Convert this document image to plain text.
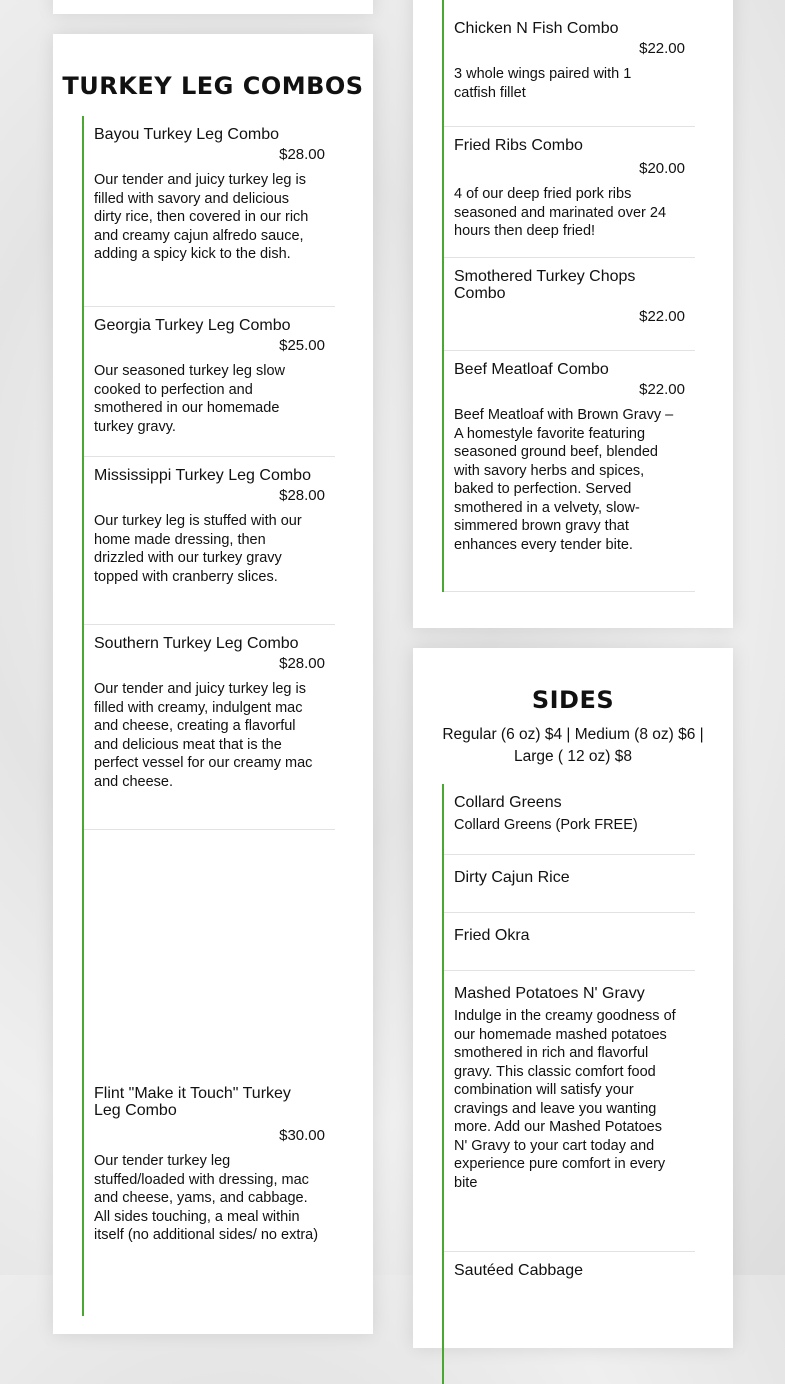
TURKEY LEG COMBOS
Bayou Turkey Leg Combo
$28.00
Our tender and juicy turkey leg is filled with savory and delicious dirty rice, then covered in our rich and creamy cajun alfredo sauce, adding a spicy kick to the dish.
Georgia Turkey Leg Combo
$25.00
Our seasoned turkey leg slow cooked to perfection and smothered in our homemade turkey gravy.
Mississippi Turkey Leg Combo
$28.00
Our turkey leg is stuffed with our home made dressing, then drizzled with our turkey gravy topped with cranberry slices.
Southern Turkey Leg Combo
$28.00
Our tender and juicy turkey leg is filled with creamy, indulgent mac and cheese, creating a flavorful and delicious meat that is the perfect vessel for our creamy mac and cheese.
Flint "Make it Touch" Turkey Leg Combo
$30.00
Our tender turkey leg stuffed/loaded with dressing, mac and cheese, yams, and cabbage. All sides touching, a meal within itself (no additional sides/ no extra)
Chicken N Fish Combo
$22.00
3 whole wings paired with 1 catfish fillet
Fried Ribs Combo
$20.00
4 of our deep fried pork ribs seasoned and marinated over 24 hours then deep fried!
Smothered Turkey Chops Combo
$22.00
Beef Meatloaf Combo
$22.00
Beef Meatloaf with Brown Gravy – A homestyle favorite featuring seasoned ground beef, blended with savory herbs and spices, baked to perfection. Served smothered in a velvety, slow-simmered brown gravy that enhances every tender bite.
SIDES
Regular (6 oz) $4 | Medium (8 oz) $6 | Large ( 12 oz) $8
Collard Greens
Collard Greens (Pork FREE)
Dirty Cajun Rice
Fried Okra
Mashed Potatoes N' Gravy
Indulge in the creamy goodness of our homemade mashed potatoes smothered in rich and flavorful gravy. This classic comfort food combination will satisfy your cravings and leave you wanting more. Add our Mashed Potatoes N' Gravy to your cart today and experience pure comfort in every bite
Sautéed Cabbage
